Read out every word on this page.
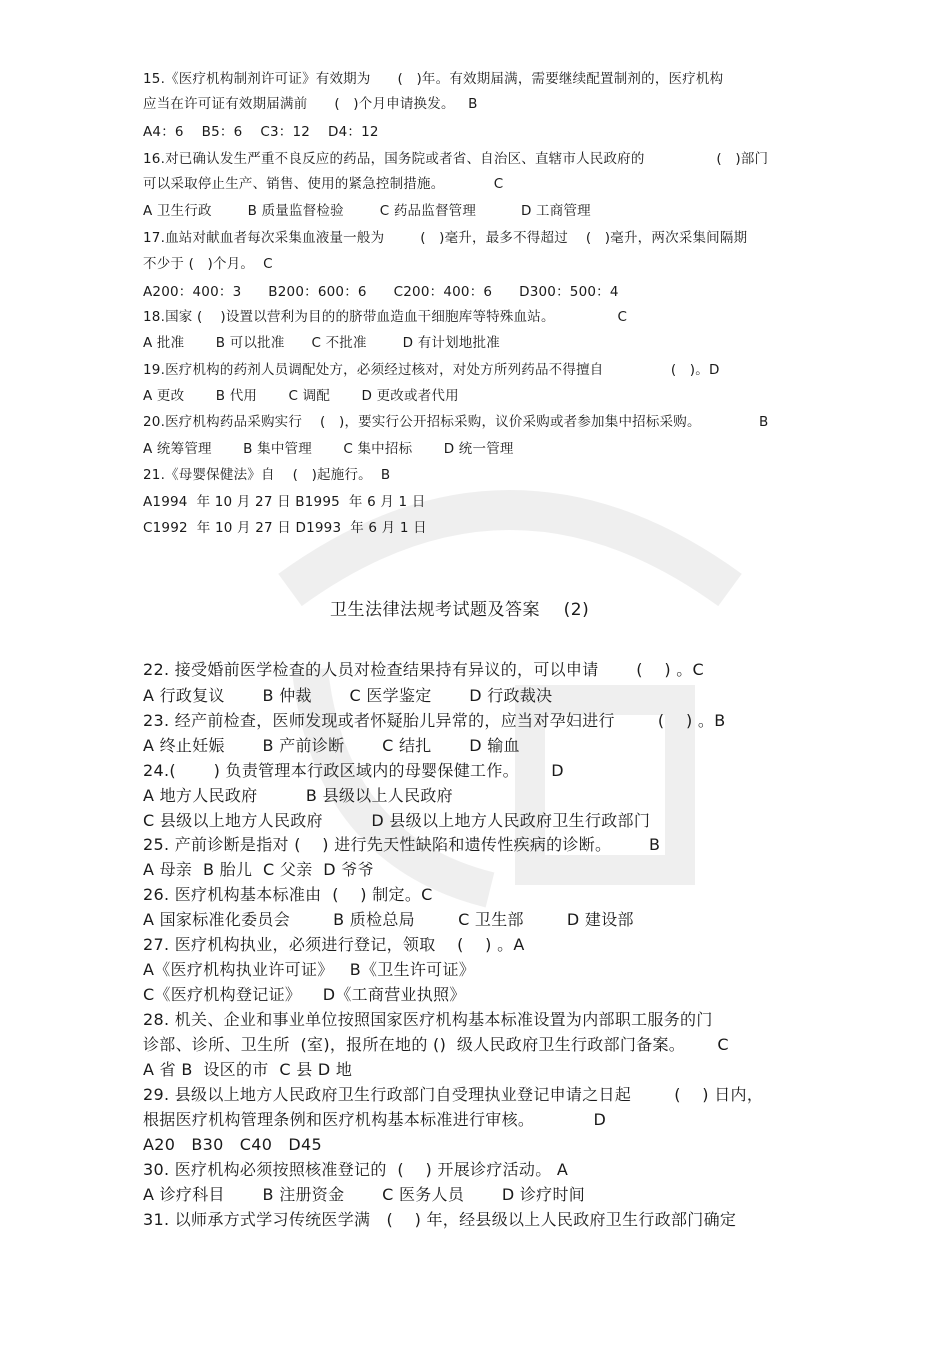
15.《医疗机构制剂许可证》有效期为      (   )年。有效期届满，需要继续配置制剂的，医疗机构

应当在许可证有效期届满前      (   )个月申请换发。   B

A4：6    B5：6    C3：12    D4：12

16.对已确认发生严重不良反应的药品，国务院或者省、自治区、直辖市人民政府的                (   )部门

可以采取停止生产、销售、使用的紧急控制措施。           C

A 卫生行政        B 质量监督检验        C 药品监督管理          D 工商管理

17.血站对献血者每次采集血液量一般为        (   )毫升，最多不得超过    (   )毫升，两次采集间隔期

不少于 (   )个月。  C

A200：400：3      B200：600：6      C200：400：6      D300：500：4

18.国家 (    )设置以营利为目的的脐带血造血干细胞库等特殊血站。              C

A 批准       B 可以批准      C 不批准        D 有计划地批准

19.医疗机构的药剂人员调配处方，必须经过核对，对处方所列药品不得擅自               (   )。D

A 更改       B 代用       C 调配       D 更改或者代用

20.医疗机构药品采购实行    (   )，要实行公开招标采购，议价采购或者参加集中招标采购。             B

A 统筹管理       B 集中管理       C 集中招标       D 统一管理

21.《母婴保健法》自    (   )起施行。  B

A1994  年 10 月 27 日 B1995  年 6 月 1 日

C1992  年 10 月 27 日 D1993  年 6 月 1 日

卫生法律法规考试题及答案    (2)

22. 接受婚前医学检查的人员对检查结果持有异议的，可以申请       (    ) 。C

A 行政复议       B 仲裁       C 医学鉴定       D 行政裁决

23. 经产前检查，医师发现或者怀疑胎儿异常的，应当对孕妇进行        (    ) 。B

A 终止妊娠       B 产前诊断       C 结扎       D 输血

24.(       ) 负责管理本行政区域内的母婴保健工作。      D

A 地方人民政府         B 县级以上人民政府

C 县级以上地方人民政府         D 县级以上地方人民政府卫生行政部门

25. 产前诊断是指对 (    ) 进行先天性缺陷和遗传性疾病的诊断。       B

A 母亲  B 胎儿  C 父亲  D 爷爷

26. 医疗机构基本标准由  (    ) 制定。C

A 国家标准化委员会        B 质检总局        C 卫生部        D 建设部

27. 医疗机构执业，必须进行登记，领取    (    ) 。A

A《医疗机构执业许可证》   B《卫生许可证》

C《医疗机构登记证》    D《工商营业执照》

28. 机关、企业和事业单位按照国家医疗机构基本标准设置为内部职工服务的门

诊部、诊所、卫生所  (室)，报所在地的 ()  级人民政府卫生行政部门备案。      C

A 省 B  设区的市  C 县 D 地

29. 县级以上地方人民政府卫生行政部门自受理执业登记申请之日起        (    ) 日内，

根据医疗机构管理条例和医疗机构基本标准进行审核。           D

A20   B30   C40   D45

30. 医疗机构必须按照核准登记的  (    ) 开展诊疗活动。 A

A 诊疗科目       B 注册资金       C 医务人员       D 诊疗时间

31. 以师承方式学习传统医学满   (    ) 年，经县级以上人民政府卫生行政部门确定
